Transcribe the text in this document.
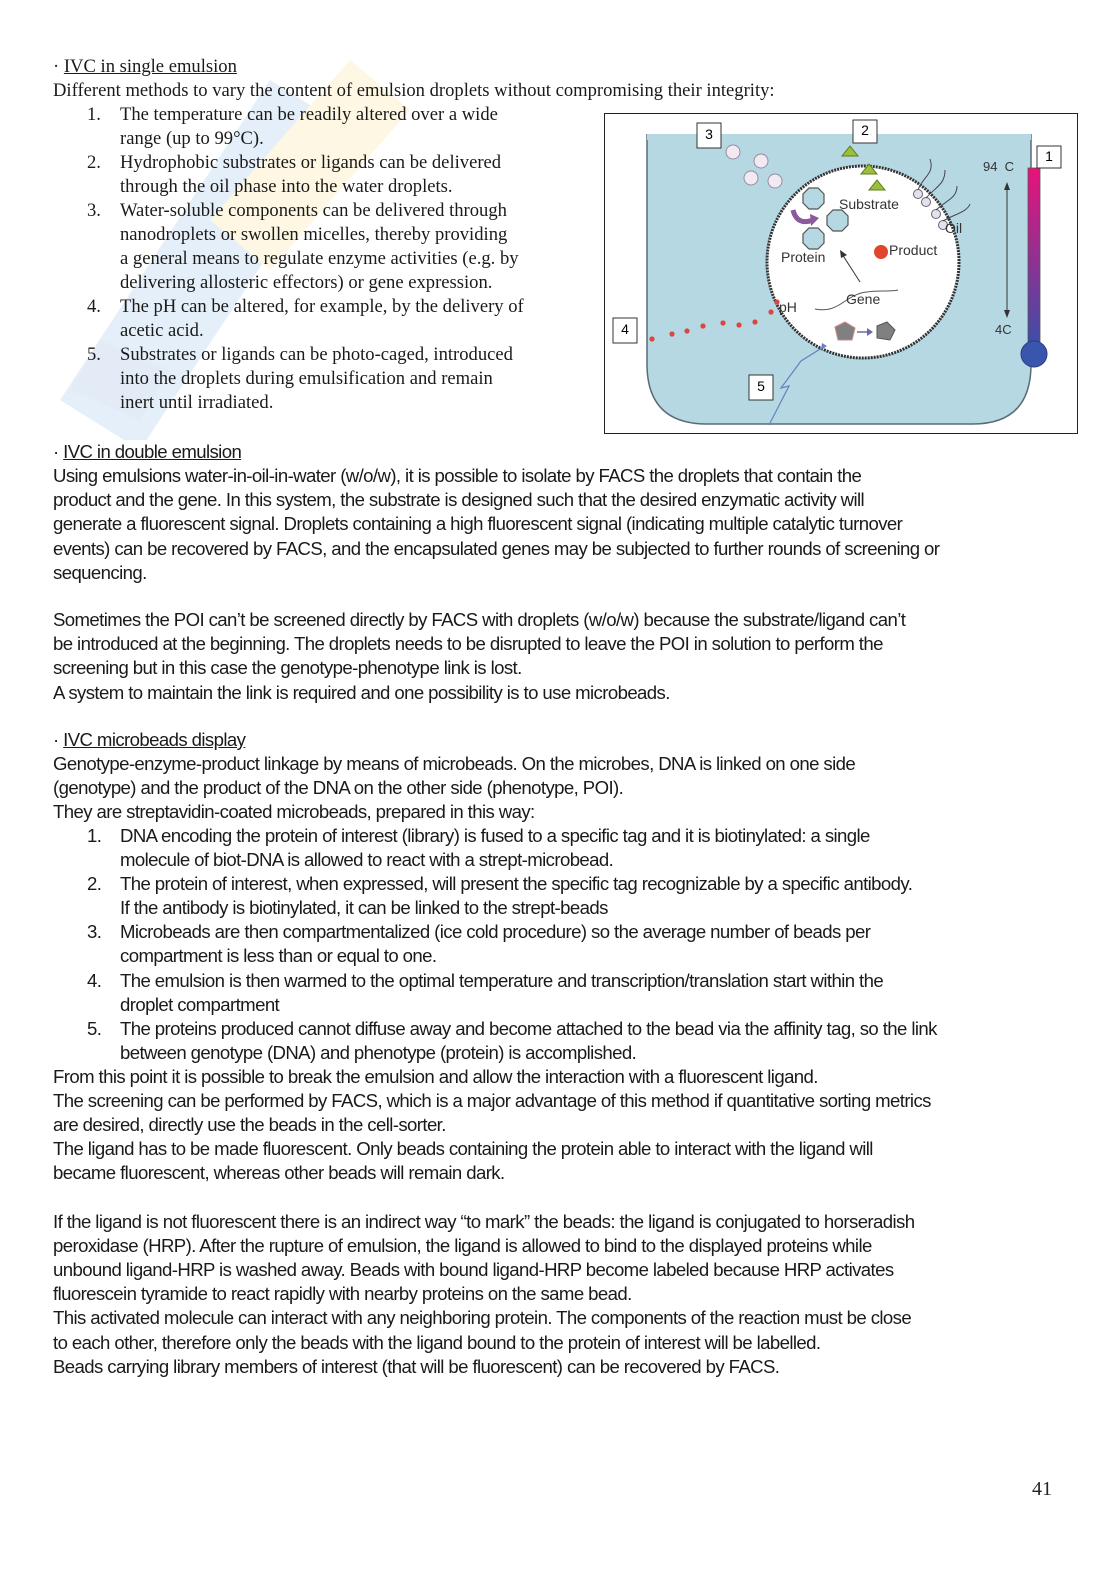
· IVC in single emulsion
Different methods to vary the content of emulsion droplets without compromising their integrity:
1. The temperature can be readily altered over a wide
range (up to 99°C).
2. Hydrophobic substrates or ligands can be delivered
through the oil phase into the water droplets.
3. Water-soluble components can be delivered through
nanodroplets or swollen micelles, thereby providing
a general means to regulate enzyme activities (e.g. by
delivering allosteric effectors) or gene expression.
4. The pH can be altered, for example, by the delivery of
acetic acid.
5. Substrates or ligands can be photo-caged, introduced
into the droplets during emulsification and remain
inert until irradiated.
3	2
1
4
5
Substrate
Oil
Protein	Product
Gene
pH
94  C
4C
· IVC in double emulsion
Using emulsions water-in-oil-in-water (w/o/w), it is possible to isolate by FACS the droplets that contain the
product and the gene. In this system, the substrate is designed such that the desired enzymatic activity will
generate a fluorescent signal. Droplets containing a high fluorescent signal (indicating multiple catalytic turnover
events) can be recovered by FACS, and the encapsulated genes may be subjected to further rounds of screening or
sequencing.
Sometimes the POI can’t be screened directly by FACS with droplets (w/o/w) because the substrate/ligand can’t
be introduced at the beginning. The droplets needs to be disrupted to leave the POI in solution to perform the
screening but in this case the genotype-phenotype link is lost.
A system to maintain the link is required and one possibility is to use microbeads.
· IVC microbeads display
Genotype-enzyme-product linkage by means of microbeads. On the microbes, DNA is linked on one side
(genotype) and the product of the DNA on the other side (phenotype, POI).
They are streptavidin-coated microbeads, prepared in this way:
1. DNA encoding the protein of interest (library) is fused to a specific tag and it is biotinylated: a single
molecule of biot-DNA is allowed to react with a strept-microbead.
2. The protein of interest, when expressed, will present the specific tag recognizable by a specific antibody.
If the antibody is biotinylated, it can be linked to the strept-beads
3. Microbeads are then compartmentalized (ice cold procedure) so the average number of beads per
compartment is less than or equal to one.
4. The emulsion is then warmed to the optimal temperature and transcription/translation start within the
droplet compartment
5. The proteins produced cannot diffuse away and become attached to the bead via the affinity tag, so the link
between genotype (DNA) and phenotype (protein) is accomplished.
From this point it is possible to break the emulsion and allow the interaction with a fluorescent ligand.
The screening can be performed by FACS, which is a major advantage of this method if quantitative sorting metrics
are desired, directly use the beads in the cell-sorter.
The ligand has to be made fluorescent. Only beads containing the protein able to interact with the ligand will
became fluorescent, whereas other beads will remain dark.
If the ligand is not fluorescent there is an indirect way “to mark” the beads: the ligand is conjugated to horseradish
peroxidase (HRP). After the rupture of emulsion, the ligand is allowed to bind to the displayed proteins while
unbound ligand-HRP is washed away. Beads with bound ligand-HRP become labeled because HRP activates
fluorescein tyramide to react rapidly with nearby proteins on the same bead.
This activated molecule can interact with any neighboring protein. The components of the reaction must be close
to each other, therefore only the beads with the ligand bound to the protein of interest will be labelled.
Beads carrying library members of interest (that will be fluorescent) can be recovered by FACS.
41
